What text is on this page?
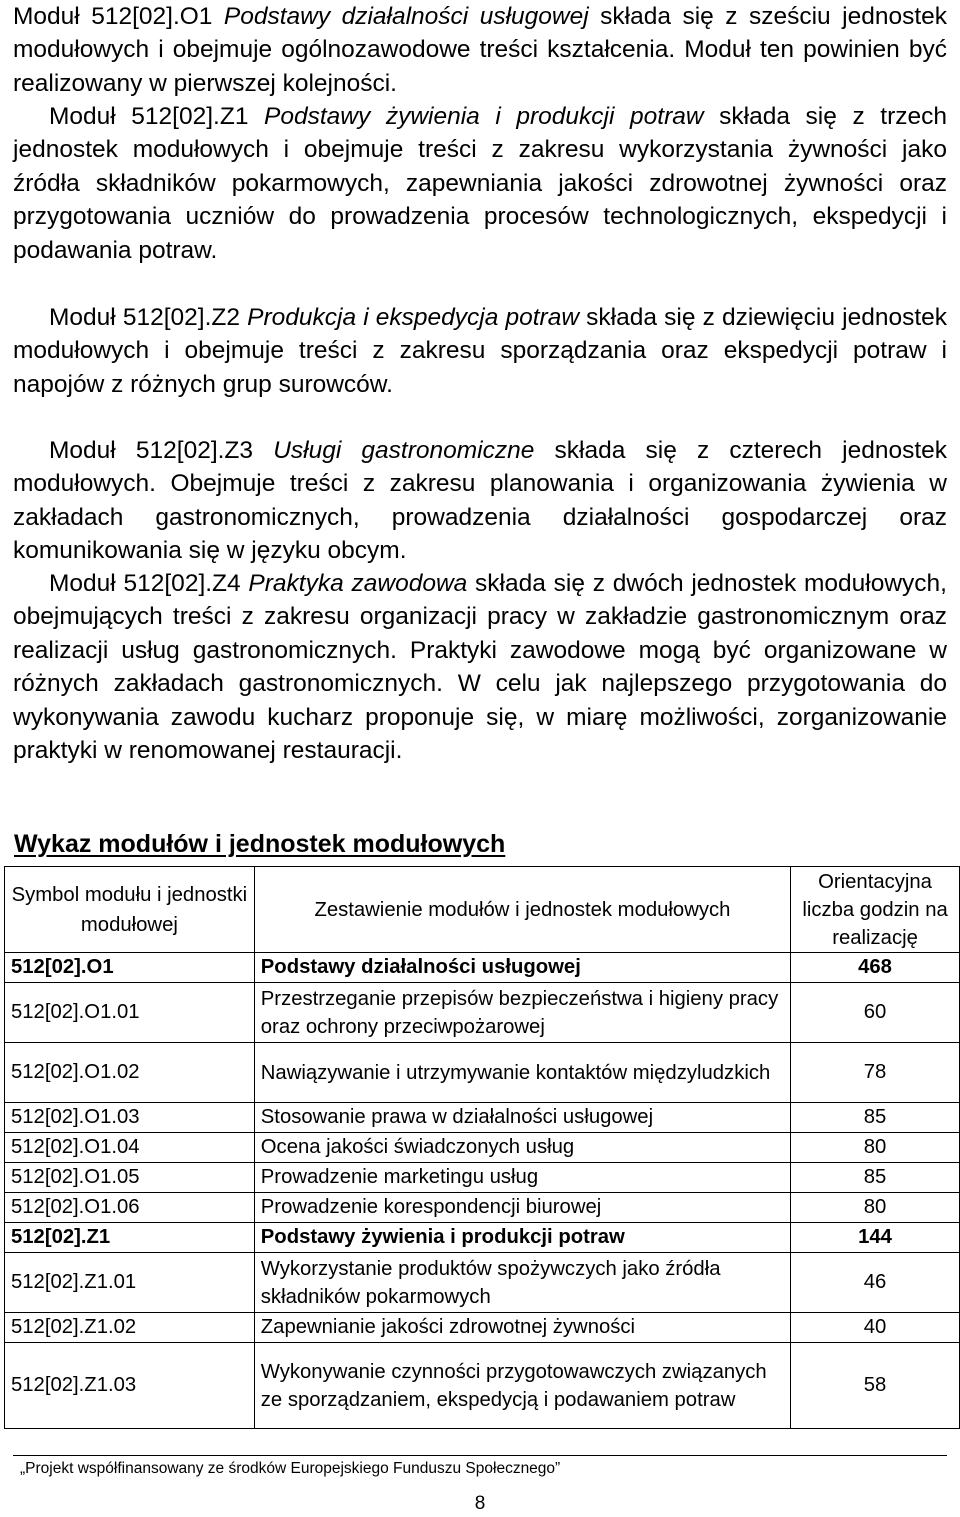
Moduł 512[02].O1 Podstawy działalności usługowej składa się z sześciu jednostek modułowych i obejmuje ogólnozawodowe treści kształcenia. Moduł ten powinien być realizowany w pierwszej kolejności.
Moduł 512[02].Z1 Podstawy żywienia i produkcji potraw składa się z trzech jednostek modułowych i obejmuje treści z zakresu wykorzystania żywności jako źródła składników pokarmowych, zapewniania jakości zdrowotnej żywności oraz przygotowania uczniów do prowadzenia procesów technologicznych, ekspedycji i podawania potraw.
Moduł 512[02].Z2 Produkcja i ekspedycja potraw składa się z dziewięciu jednostek modułowych i obejmuje treści z zakresu sporządzania oraz ekspedycji potraw i napojów z różnych grup surowców.
Moduł 512[02].Z3 Usługi gastronomiczne składa się z czterech jednostek modułowych. Obejmuje treści z zakresu planowania i organizowania żywienia w zakładach gastronomicznych, prowadzenia działalności gospodarczej oraz komunikowania się w języku obcym.
Moduł 512[02].Z4 Praktyka zawodowa składa się z dwóch jednostek modułowych, obejmujących treści z zakresu organizacji pracy w zakładzie gastronomicznym oraz realizacji usług gastronomicznych. Praktyki zawodowe mogą być organizowane w różnych zakładach gastronomicznych. W celu jak najlepszego przygotowania do wykonywania zawodu kucharz proponuje się, w miarę możliwości, zorganizowanie praktyki w renomowanej restauracji.
Wykaz modułów i jednostek modułowych
Symbol modułu i jednostki modułowej	Zestawienie modułów i jednostek modułowych	Orientacyjna liczba godzin na realizację
512[02].O1	Podstawy działalności usługowej	468
512[02].O1.01	Przestrzeganie przepisów bezpieczeństwa i higieny pracy oraz ochrony przeciwpożarowej	60
512[02].O1.02	Nawiązywanie i utrzymywanie kontaktów międzyludzkich	78
512[02].O1.03	Stosowanie prawa w działalności usługowej	85
512[02].O1.04	Ocena jakości świadczonych usług	80
512[02].O1.05	Prowadzenie marketingu usług	85
512[02].O1.06	Prowadzenie korespondencji biurowej	80
512[02].Z1	Podstawy żywienia i produkcji potraw	144
512[02].Z1.01	Wykorzystanie produktów spożywczych jako źródła składników pokarmowych	46
512[02].Z1.02	Zapewnianie jakości zdrowotnej żywności	40
512[02].Z1.03	Wykonywanie czynności przygotowawczych związanych ze sporządzaniem, ekspedycją i podawaniem potraw	58
„Projekt współfinansowany ze środków Europejskiego Funduszu Społecznego”
8
